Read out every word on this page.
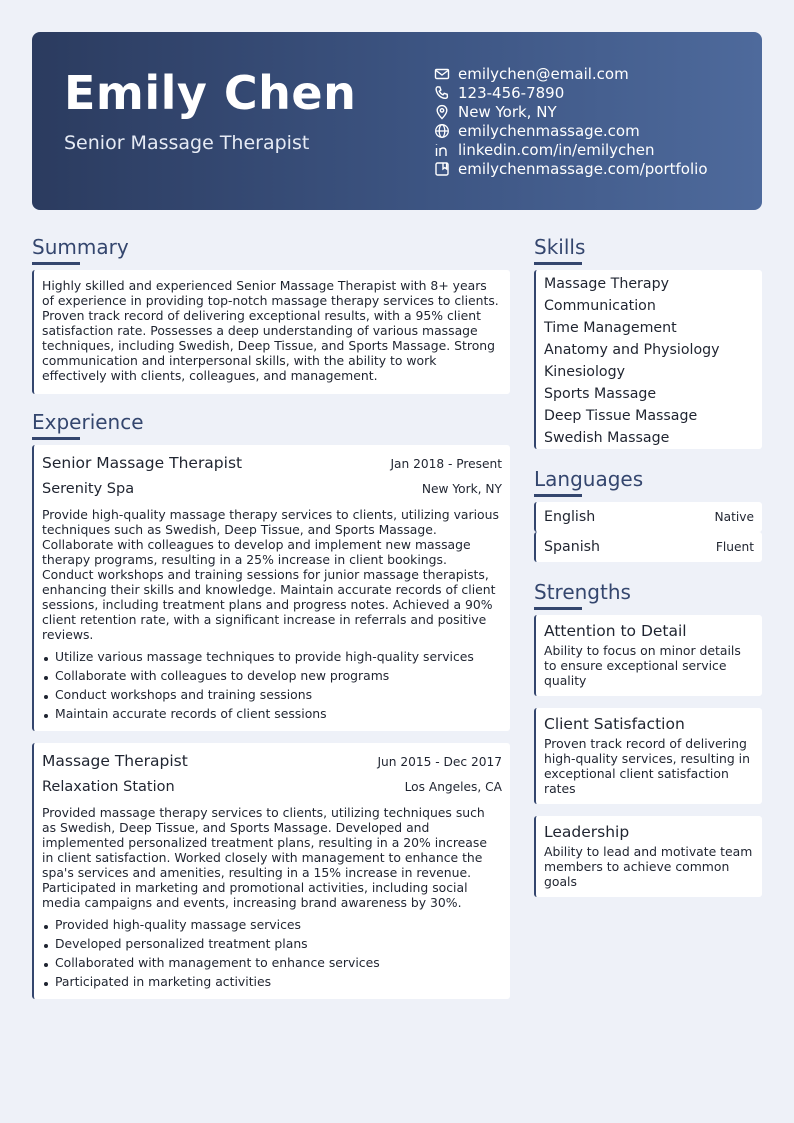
Emily Chen
Senior Massage Therapist
emilychen@email.com
123-456-7890
New York, NY
emilychenmassage.com
linkedin.com/in/emilychen
emilychenmassage.com/portfolio
Summary

Highly skilled and experienced Senior Massage Therapist with 8+ years of experience in providing top-notch massage therapy services to clients. Proven track record of delivering exceptional results, with a 95% client satisfaction rate. Possesses a deep understanding of various massage techniques, including Swedish, Deep Tissue, and Sports Massage. Strong communication and interpersonal skills, with the ability to work effectively with clients, colleagues, and management.

Experience
Senior Massage Therapist	Jan 2018 - Present
Serenity Spa	New York, NY

Provide high-quality massage therapy services to clients, utilizing various techniques such as Swedish, Deep Tissue, and Sports Massage. Collaborate with colleagues to develop and implement new massage therapy programs, resulting in a 25% increase in client bookings. Conduct workshops and training sessions for junior massage therapists, enhancing their skills and knowledge. Maintain accurate records of client sessions, including treatment plans and progress notes. Achieved a 90% client retention rate, with a significant increase in referrals and positive reviews.

Utilize various massage techniques to provide high-quality services
Collaborate with colleagues to develop new programs
Conduct workshops and training sessions
Maintain accurate records of client sessions
Massage Therapist	Jun 2015 - Dec 2017
Relaxation Station	Los Angeles, CA

Provided massage therapy services to clients, utilizing techniques such as Swedish, Deep Tissue, and Sports Massage. Developed and implemented personalized treatment plans, resulting in a 20% increase in client satisfaction. Worked closely with management to enhance the spa's services and amenities, resulting in a 15% increase in revenue. Participated in marketing and promotional activities, including social media campaigns and events, increasing brand awareness by 30%.

Provided high-quality massage services
Developed personalized treatment plans
Collaborated with management to enhance services
Participated in marketing activities
Skills
Massage Therapy
Communication
Time Management
Anatomy and Physiology
Kinesiology
Sports Massage
Deep Tissue Massage
Swedish Massage
Languages
English	Native
Spanish	Fluent
Strengths
Attention to Detail

Ability to focus on minor details to ensure exceptional service quality

Client Satisfaction

Proven track record of delivering high-quality services, resulting in exceptional client satisfaction rates

Leadership

Ability to lead and motivate team members to achieve common goals
